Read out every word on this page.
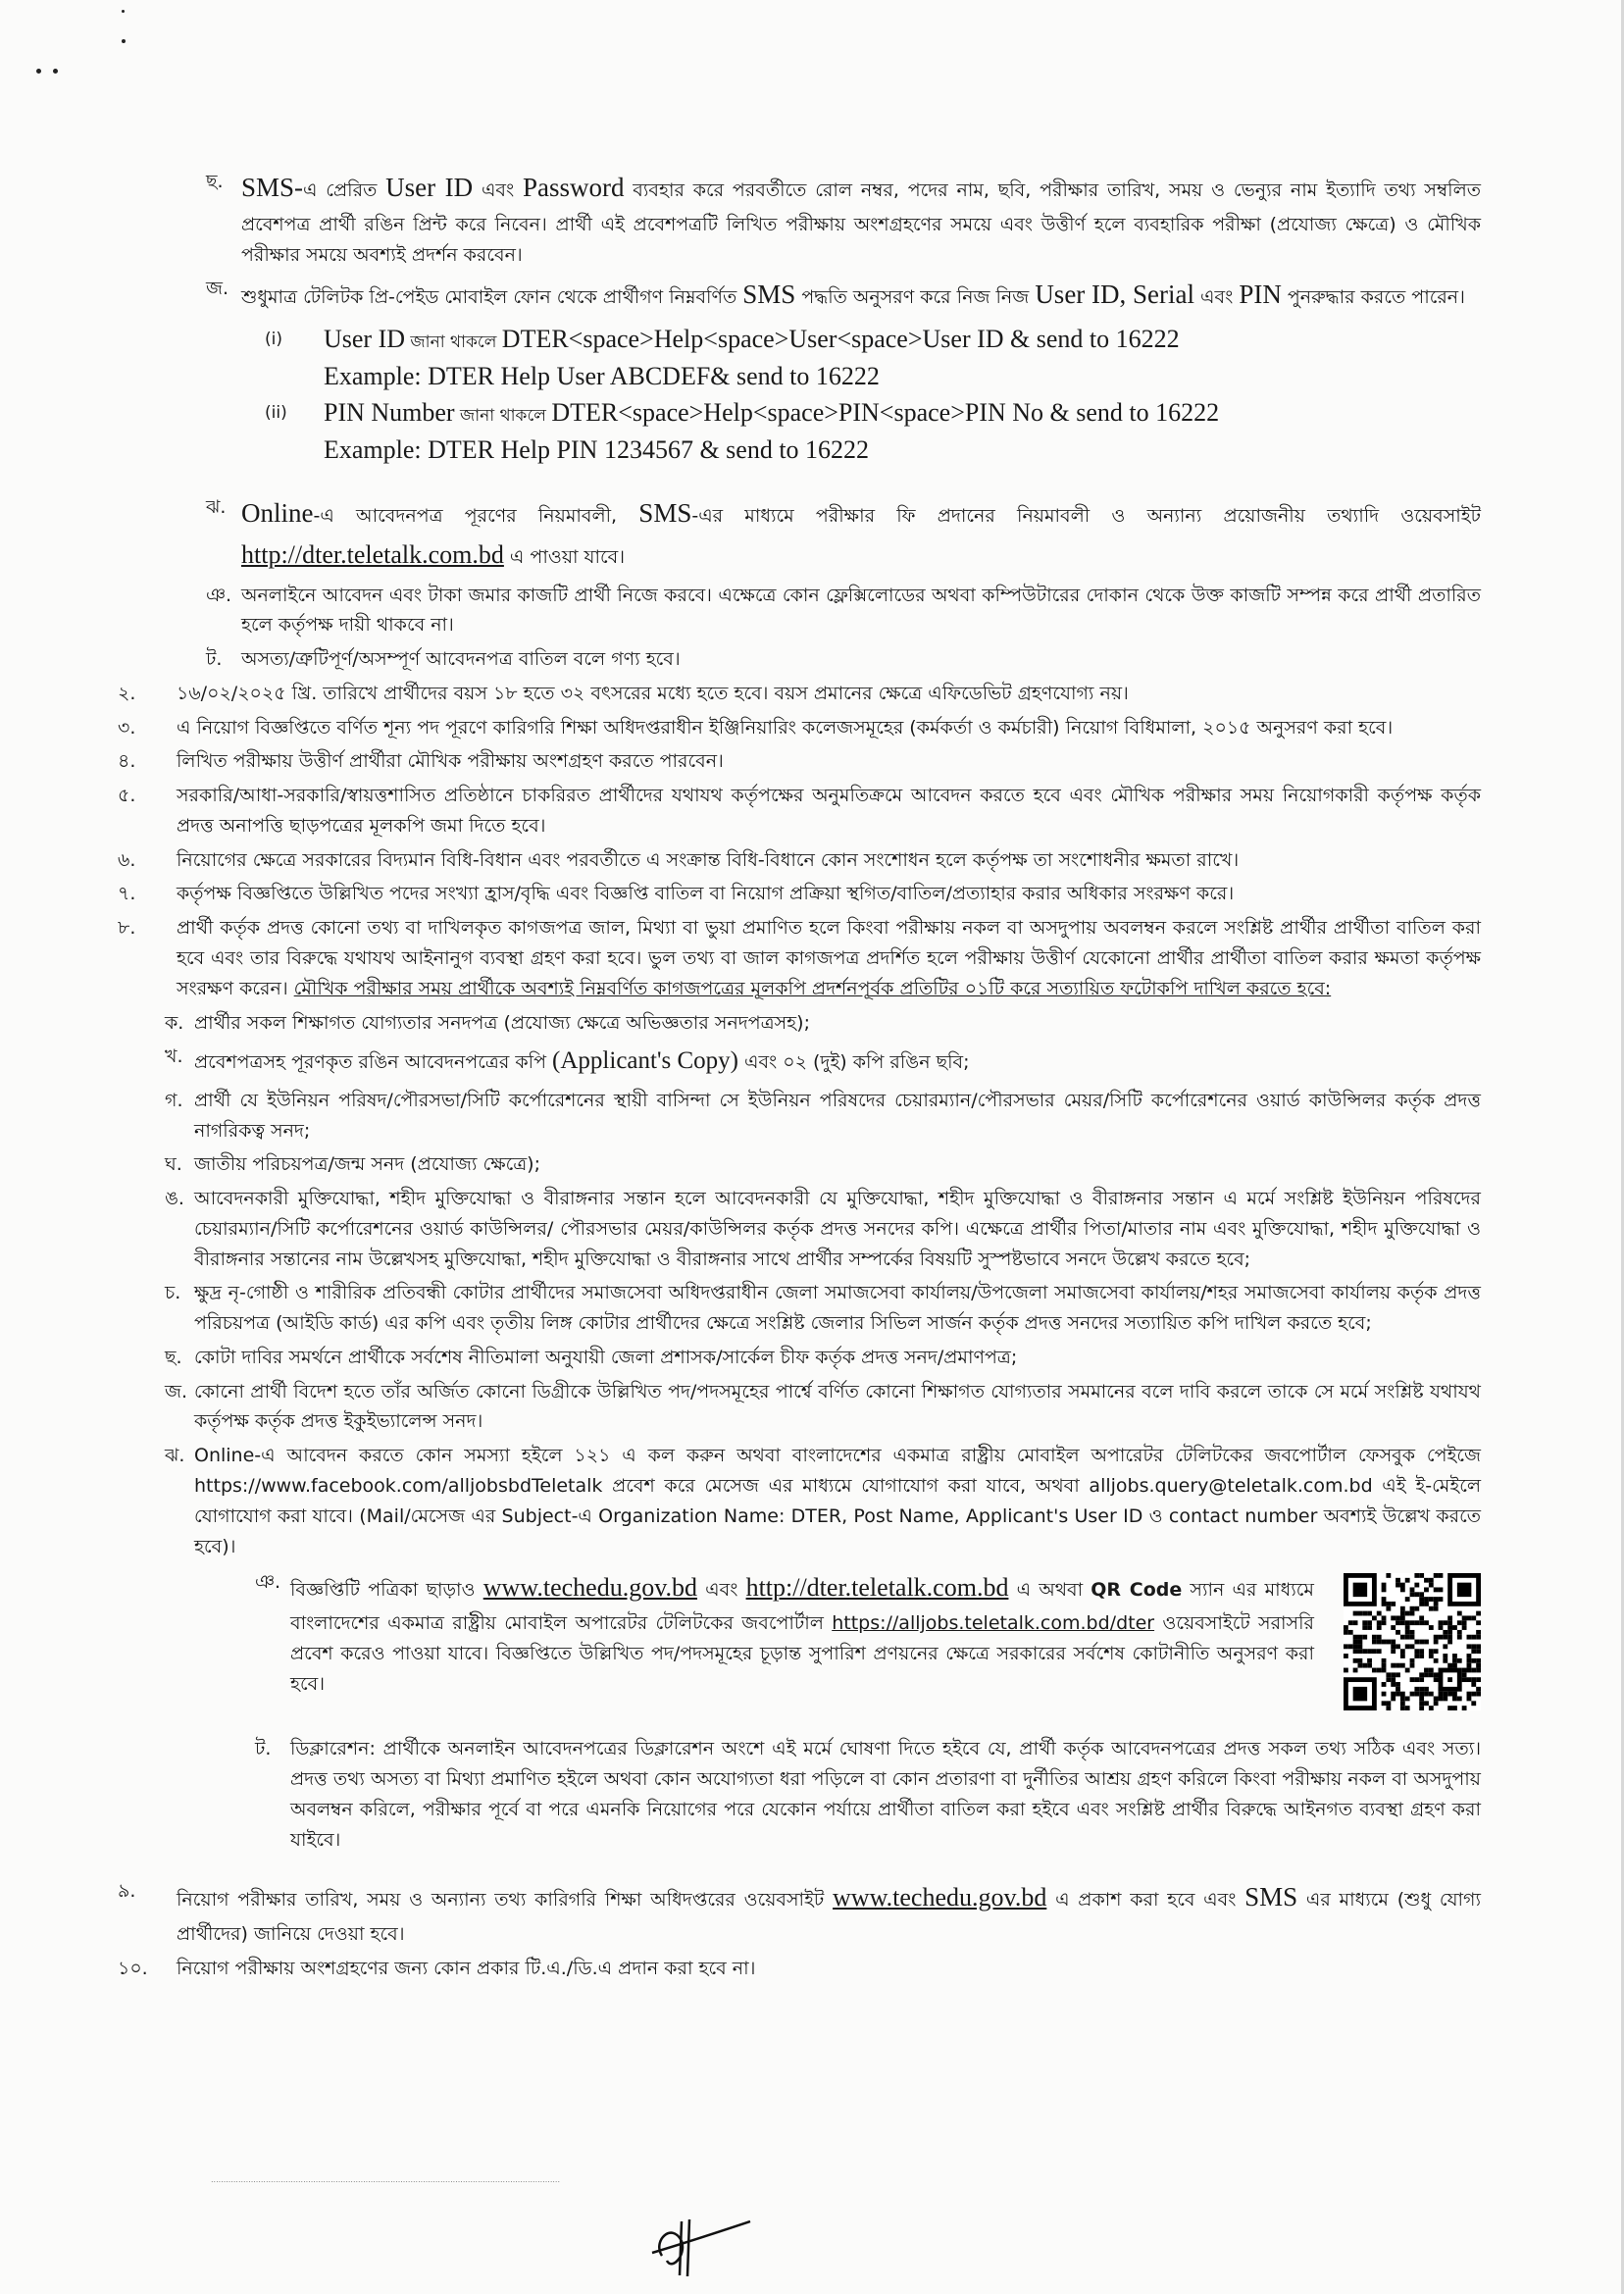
ছ. SMS-এ প্রেরিত User ID এবং Password ব্যবহার করে পরবর্তীতে রোল নম্বর, পদের নাম, ছবি, পরীক্ষার তারিখ, সময় ও ভেন্যুর নাম ইত্যাদি তথ্য সম্বলিত প্রবেশপত্র প্রার্থী রঙিন প্রিন্ট করে নিবেন। প্রার্থী এই প্রবেশপত্রটি লিখিত পরীক্ষায় অংশগ্রহণের সময়ে এবং উত্তীর্ণ হলে ব্যবহারিক পরীক্ষা (প্রযোজ্য ক্ষেত্রে) ও মৌখিক পরীক্ষার সময়ে অবশ্যই প্রদর্শন করবেন।
জ. শুধুমাত্র টেলিটক প্রি-পেইড মোবাইল ফোন থেকে প্রার্থীগণ নিম্নবর্ণিত SMS পদ্ধতি অনুসরণ করে নিজ নিজ User ID, Serial এবং PIN পুনরুদ্ধার করতে পারেন।
(i)	User ID জানা থাকলে DTER<space>Help<space>User<space>User ID & send to 16222
Example: DTER Help User ABCDEF& send to 16222
(ii)	PIN Number জানা থাকলে DTER<space>Help<space>PIN<space>PIN No & send to 16222
Example: DTER Help PIN 1234567 & send to 16222
ঝ. Online-এ আবেদনপত্র পূরণের নিয়মাবলী, SMS-এর মাধ্যমে পরীক্ষার ফি প্রদানের নিয়মাবলী ও অন্যান্য প্রয়োজনীয় তথ্যাদি ওয়েবসাইট http://dter.teletalk.com.bd এ পাওয়া যাবে।
ঞ. অনলাইনে আবেদন এবং টাকা জমার কাজটি প্রার্থী নিজে করবে। এক্ষেত্রে কোন ফ্লেক্সিলোডের অথবা কম্পিউটারের দোকান থেকে উক্ত কাজটি সম্পন্ন করে প্রার্থী প্রতারিত হলে কর্তৃপক্ষ দায়ী থাকবে না।
ট.	অসত্য/ত্রুটিপূর্ণ/অসম্পূর্ণ আবেদনপত্র বাতিল বলে গণ্য হবে।
২.	১৬/০২/২০২৫ খ্রি. তারিখে প্রার্থীদের বয়স ১৮ হতে ৩২ বৎসরের মধ্যে হতে হবে। বয়স প্রমানের ক্ষেত্রে এফিডেভিট গ্রহণযোগ্য নয়।
৩.	এ নিয়োগ বিজ্ঞপ্তিতে বর্ণিত শূন্য পদ পূরণে কারিগরি শিক্ষা অধিদপ্তরাধীন ইঞ্জিনিয়ারিং কলেজসমূহের (কর্মকর্তা ও কর্মচারী) নিয়োগ বিধিমালা, ২০১৫ অনুসরণ করা হবে।
৪.	লিখিত পরীক্ষায় উত্তীর্ণ প্রার্থীরা মৌখিক পরীক্ষায় অংশগ্রহণ করতে পারবেন।
৫.	সরকারি/আধা-সরকারি/স্বায়ত্তশাসিত প্রতিষ্ঠানে চাকরিরত প্রার্থীদের যথাযথ কর্তৃপক্ষের অনুমতিক্রমে আবেদন করতে হবে এবং মৌখিক পরীক্ষার সময় নিয়োগকারী কর্তৃপক্ষ কর্তৃক প্রদত্ত অনাপত্তি ছাড়পত্রের মূলকপি জমা দিতে হবে।
৬.	নিয়োগের ক্ষেত্রে সরকারের বিদ্যমান বিধি-বিধান এবং পরবর্তীতে এ সংক্রান্ত বিধি-বিধানে কোন সংশোধন হলে কর্তৃপক্ষ তা সংশোধনীর ক্ষমতা রাখে।
৭.	কর্তৃপক্ষ বিজ্ঞপ্তিতে উল্লিখিত পদের সংখ্যা হ্রাস/বৃদ্ধি এবং বিজ্ঞপ্তি বাতিল বা নিয়োগ প্রক্রিয়া স্থগিত/বাতিল/প্রত্যাহার করার অধিকার সংরক্ষণ করে।
৮.	প্রার্থী কর্তৃক প্রদত্ত কোনো তথ্য বা দাখিলকৃত কাগজপত্র জাল, মিথ্যা বা ভুয়া প্রমাণিত হলে কিংবা পরীক্ষায় নকল বা অসদুপায় অবলম্বন করলে সংশ্লিষ্ট প্রার্থীর প্রার্থীতা বাতিল করা হবে এবং তার বিরুদ্ধে যথাযথ আইনানুগ ব্যবস্থা গ্রহণ করা হবে। ভুল তথ্য বা জাল কাগজপত্র প্রদর্শিত হলে পরীক্ষায় উত্তীর্ণ যেকোনো প্রার্থীর প্রার্থীতা বাতিল করার ক্ষমতা কর্তৃপক্ষ সংরক্ষণ করেন। মৌখিক পরীক্ষার সময় প্রার্থীকে অবশ্যই নিম্নবর্ণিত কাগজপত্রের মূলকপি প্রদর্শনপূর্বক প্রতিটির ০১টি করে সত্যায়িত ফটোকপি দাখিল করতে হবে:
ক. প্রার্থীর সকল শিক্ষাগত যোগ্যতার সনদপত্র (প্রযোজ্য ক্ষেত্রে অভিজ্ঞতার সনদপত্রসহ);
খ. প্রবেশপত্রসহ পূরণকৃত রঙিন আবেদনপত্রের কপি (Applicant's Copy) এবং ০২ (দুই) কপি রঙিন ছবি;
গ. প্রার্থী যে ইউনিয়ন পরিষদ/পৌরসভা/সিটি কর্পোরেশনের স্থায়ী বাসিন্দা সে ইউনিয়ন পরিষদের চেয়ারম্যান/পৌরসভার মেয়র/সিটি কর্পোরেশনের ওয়ার্ড কাউন্সিলর কর্তৃক প্রদত্ত নাগরিকত্ব সনদ;
ঘ. জাতীয় পরিচয়পত্র/জন্ম সনদ (প্রযোজ্য ক্ষেত্রে);
ঙ. আবেদনকারী মুক্তিযোদ্ধা, শহীদ মুক্তিযোদ্ধা ও বীরাঙ্গনার সন্তান হলে আবেদনকারী যে মুক্তিযোদ্ধা, শহীদ মুক্তিযোদ্ধা ও বীরাঙ্গনার সন্তান এ মর্মে সংশ্লিষ্ট ইউনিয়ন পরিষদের চেয়ারম্যান/সিটি কর্পোরেশনের ওয়ার্ড কাউন্সিলর/ পৌরসভার মেয়র/কাউন্সিলর কর্তৃক প্রদত্ত সনদের কপি। এক্ষেত্রে প্রার্থীর পিতা/মাতার নাম এবং মুক্তিযোদ্ধা, শহীদ মুক্তিযোদ্ধা ও বীরাঙ্গনার সন্তানের নাম উল্লেখসহ মুক্তিযোদ্ধা, শহীদ মুক্তিযোদ্ধা ও বীরাঙ্গনার সাথে প্রার্থীর সম্পর্কের বিষয়টি সুস্পষ্টভাবে সনদে উল্লেখ করতে হবে;
চ. ক্ষুদ্র নৃ-গোষ্ঠী ও শারীরিক প্রতিবন্ধী কোটার প্রার্থীদের সমাজসেবা অধিদপ্তরাধীন জেলা সমাজসেবা কার্যালয়/উপজেলা সমাজসেবা কার্যালয়/শহর সমাজসেবা কার্যালয় কর্তৃক প্রদত্ত পরিচয়পত্র (আইডি কার্ড) এর কপি এবং তৃতীয় লিঙ্গ কোটার প্রার্থীদের ক্ষেত্রে সংশ্লিষ্ট জেলার সিভিল সার্জন কর্তৃক প্রদত্ত সনদের সত্যায়িত কপি দাখিল করতে হবে;
ছ. কোটা দাবির সমর্থনে প্রার্থীকে সর্বশেষ নীতিমালা অনুযায়ী জেলা প্রশাসক/সার্কেল চীফ কর্তৃক প্রদত্ত সনদ/প্রমাণপত্র;
জ. কোনো প্রার্থী বিদেশ হতে তাঁর অর্জিত কোনো ডিগ্রীকে উল্লিখিত পদ/পদসমূহের পার্শ্বে বর্ণিত কোনো শিক্ষাগত যোগ্যতার সমমানের বলে দাবি করলে তাকে সে মর্মে সংশ্লিষ্ট যথাযথ কর্তৃপক্ষ কর্তৃক প্রদত্ত ইকুইভ্যালেন্স সনদ।
ঝ. Online-এ আবেদন করতে কোন সমস্যা হইলে ১২১ এ কল করুন অথবা বাংলাদেশের একমাত্র রাষ্ট্রীয় মোবাইল অপারেটর টেলিটকের জবপোর্টাল ফেসবুক পেইজে https://www.facebook.com/alljobsbdTeletalk প্রবেশ করে মেসেজ এর মাধ্যমে যোগাযোগ করা যাবে, অথবা alljobs.query@teletalk.com.bd এই ই-মেইলে যোগাযোগ করা যাবে। (Mail/মেসেজ এর Subject-এ Organization Name: DTER, Post Name, Applicant's User ID ও contact number অবশ্যই উল্লেখ করতে হবে)।
ঞ. বিজ্ঞপ্তিটি পত্রিকা ছাড়াও www.techedu.gov.bd এবং http://dter.teletalk.com.bd এ অথবা QR Code স্যান এর মাধ্যমে বাংলাদেশের একমাত্র রাষ্ট্রীয় মোবাইল অপারেটর টেলিটকের জবপোর্টাল https://alljobs.teletalk.com.bd/dter ওয়েবসাইটে সরাসরি প্রবেশ করেও পাওয়া যাবে। বিজ্ঞপ্তিতে উল্লিখিত পদ/পদসমূহের চূড়ান্ত সুপারিশ প্রণয়নের ক্ষেত্রে সরকারের সর্বশেষ কোটানীতি অনুসরণ করা হবে।
ট.	ডিক্লারেশন: প্রার্থীকে অনলাইন আবেদনপত্রের ডিক্লারেশন অংশে এই মর্মে ঘোষণা দিতে হইবে যে, প্রার্থী কর্তৃক আবেদনপত্রের প্রদত্ত সকল তথ্য সঠিক এবং সত্য। প্রদত্ত তথ্য অসত্য বা মিথ্যা প্রমাণিত হইলে অথবা কোন অযোগ্যতা ধরা পড়িলে বা কোন প্রতারণা বা দুর্নীতির আশ্রয় গ্রহণ করিলে কিংবা পরীক্ষায় নকল বা অসদুপায় অবলম্বন করিলে, পরীক্ষার পূর্বে বা পরে এমনকি নিয়োগের পরে যেকোন পর্যায়ে প্রার্থীতা বাতিল করা হইবে এবং সংশ্লিষ্ট প্রার্থীর বিরুদ্ধে আইনগত ব্যবস্থা গ্রহণ করা যাইবে।
৯.	নিয়োগ পরীক্ষার তারিখ, সময় ও অন্যান্য তথ্য কারিগরি শিক্ষা অধিদপ্তরের ওয়েবসাইট www.techedu.gov.bd এ প্রকাশ করা হবে এবং SMS এর মাধ্যমে (শুধু যোগ্য প্রার্থীদের) জানিয়ে দেওয়া হবে।
১০.	নিয়োগ পরীক্ষায় অংশগ্রহণের জন্য কোন প্রকার টি.এ./ডি.এ প্রদান করা হবে না।
............................................................................................................................................
